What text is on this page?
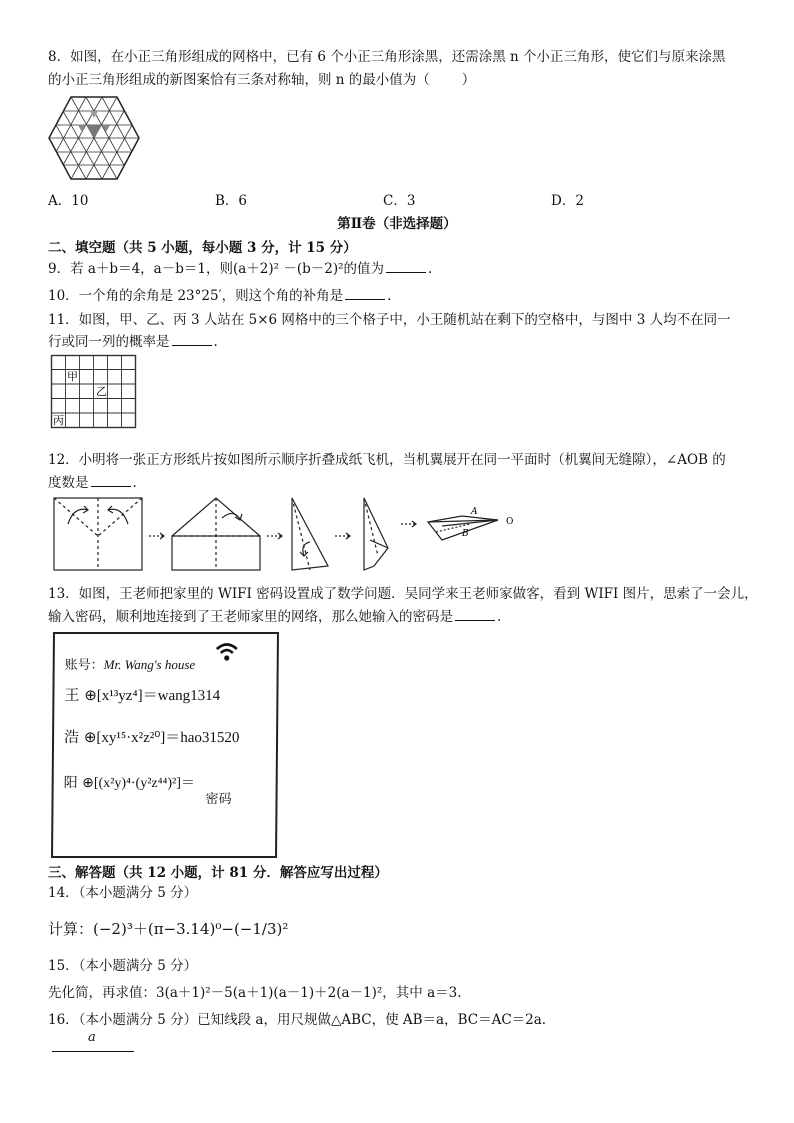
8．如图，在小正三角形组成的网格中，已有 6 个小正三角形涂黑，还需涂黑 n 个小正三角形，使它们与原来涂黑
的小正三角形组成的新图案恰有三条对称轴，则 n 的最小值为（ ）
A．10	B．6	C．3	D．2
第Ⅱ卷（非选择题）
二、填空题（共 5 小题，每小题 3 分，计 15 分）
9．若 a＋b＝4，a－b＝1，则(a＋2)² －(b－2)²的值为	.
10．一个角的余角是 23°25′，则这个角的补角是	.
11．如图，甲、乙、丙 3 人站在 5×6 网格中的三个格子中，小王随机站在剩下的空格中，与图中 3 人均不在同一
行或同一列的概率是	.
甲
乙
丙
12．小明将一张正方形纸片按如图所示顺序折叠成纸飞机，当机翼展开在同一平面时（机翼间无缝隙），∠AOB 的
度数是	.
A
B
O
13．如图，王老师把家里的 WIFI 密码设置成了数学问题．吴同学来王老师家做客，看到 WIFI 图片，思索了一会儿，
输入密码，顺利地连接到了王老师家里的网络，那么她输入的密码是	.
账号：Mr. Wang's house
王 ⊕[x¹³yz⁴]＝wang1314
浩 ⊕[xy¹⁵·x²z²⁰]＝hao31520
阳 ⊕[(x²y)⁴·(y²z⁴⁴)²]＝
密码
三、解答题（共 12 小题，计 81 分．解答应写出过程）
14．（本小题满分 5 分）
计算：(−2)³＋(π−3.14)⁰−(−1/3)²
15．（本小题满分 5 分）
先化简，再求值：3(a＋1)²－5(a＋1)(a－1)＋2(a－1)²，其中 a＝3.
16．（本小题满分 5 分）已知线段 a，用尺规做△ABC，使 AB＝a，BC＝AC＝2a.
a
